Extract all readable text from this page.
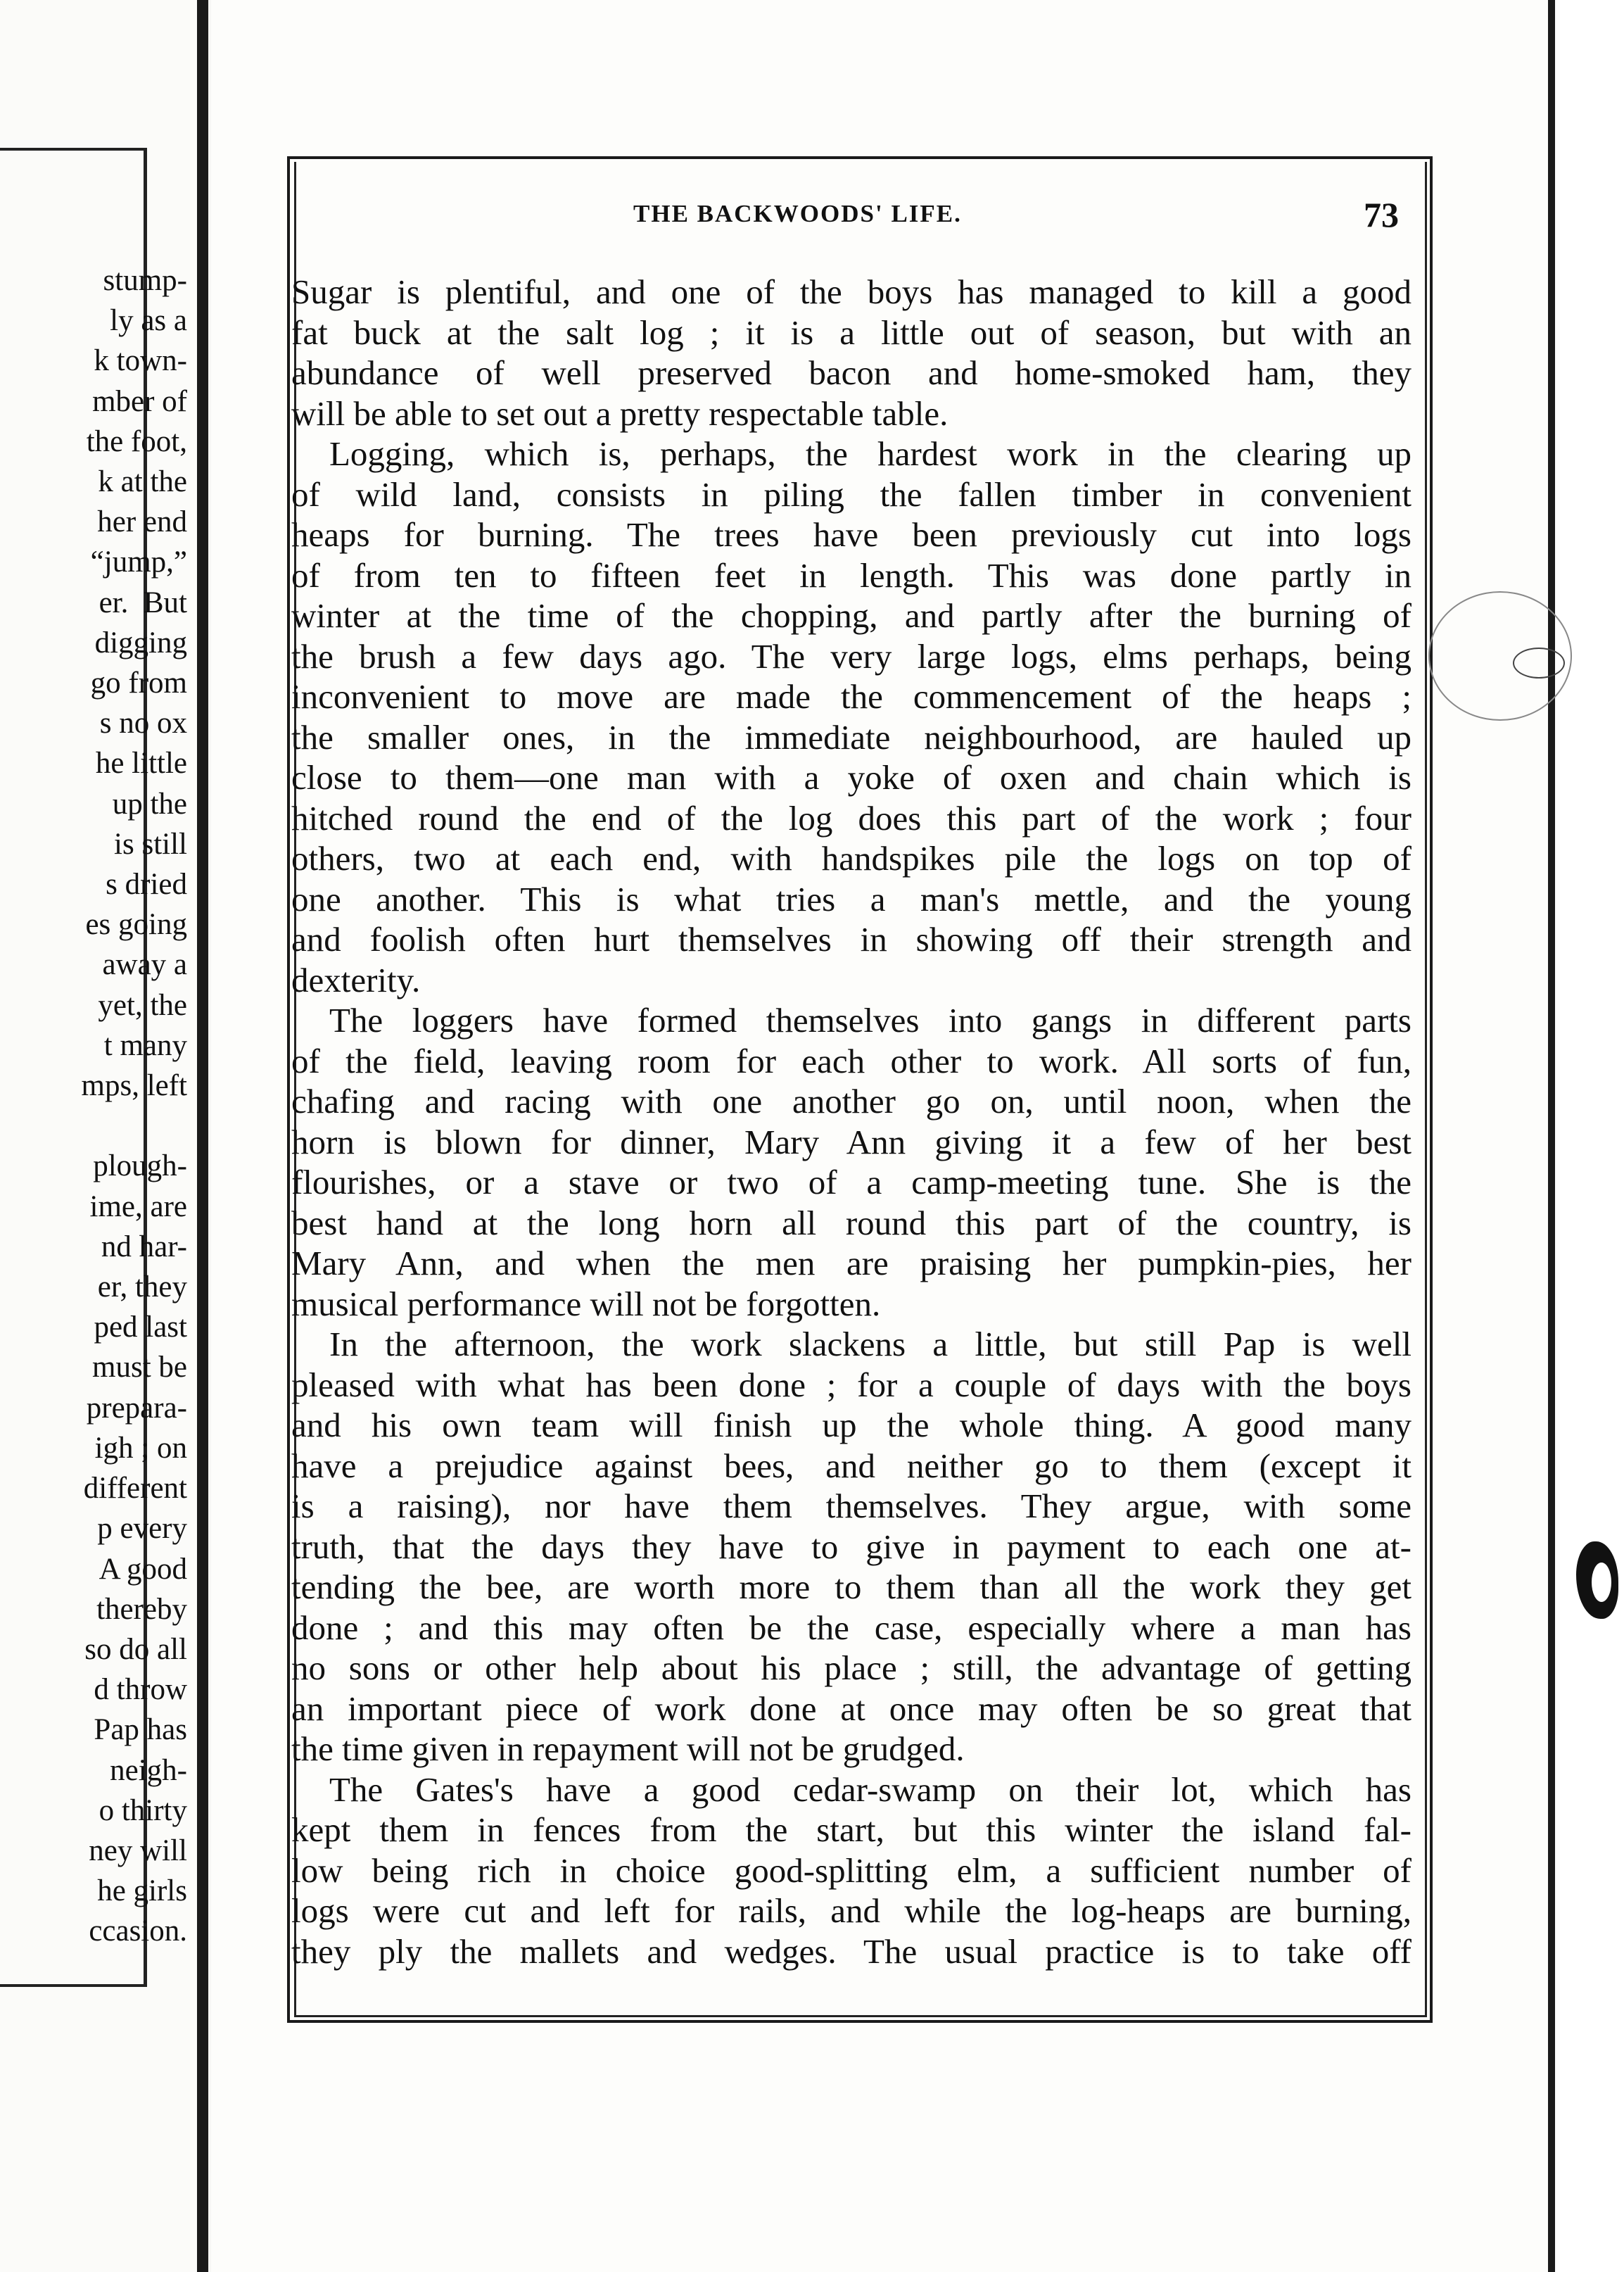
stump-
ly as a
k town-
mber of
the foot,
k at the
her end
“jump,”
er.  But
digging
go from
s no ox
he little
up the
is still
s dried
es going
away a
yet, the
t many
mps, left

plough-
ime, are
nd har-
er, they
ped last
must be
prepara-
igh ; on
different
p every
A good
thereby
so do all
d throw
Pap has
neigh-
o thirty
ney will
he girls
ccasion.
THE BACKWOODS' LIFE.	73
Sugar is plentiful, and one of the boys has managed to kill a good
fat buck at the salt log ; it is a little out of season, but with an
abundance of well preserved bacon and home-smoked ham, they
will be able to set out a pretty respectable table.
Logging, which is, perhaps, the hardest work in the clearing up
of wild land, consists in piling the fallen timber in convenient
heaps for burning. The trees have been previously cut into logs
of from ten to fifteen feet in length. This was done partly in
winter at the time of the chopping, and partly after the burning of
the brush a few days ago. The very large logs, elms perhaps, being
inconvenient to move are made the commencement of the heaps ;
the smaller ones, in the immediate neighbourhood, are hauled up
close to them—one man with a yoke of oxen and chain which is
hitched round the end of the log does this part of the work ; four
others, two at each end, with handspikes pile the logs on top of
one another. This is what tries a man's mettle, and the young
and foolish often hurt themselves in showing off their strength and
dexterity.
The loggers have formed themselves into gangs in different parts
of the field, leaving room for each other to work. All sorts of fun,
chafing and racing with one another go on, until noon, when the
horn is blown for dinner, Mary Ann giving it a few of her best
flourishes, or a stave or two of a camp-meeting tune. She is the
best hand at the long horn all round this part of the country, is
Mary Ann, and when the men are praising her pumpkin-pies, her
musical performance will not be forgotten.
In the afternoon, the work slackens a little, but still Pap is well
pleased with what has been done ; for a couple of days with the boys
and his own team will finish up the whole thing. A good many
have a prejudice against bees, and neither go to them (except it
is a raising), nor have them themselves. They argue, with some
truth, that the days they have to give in payment to each one at-
tending the bee, are worth more to them than all the work they get
done ; and this may often be the case, especially where a man has
no sons or other help about his place ; still, the advantage of getting
an important piece of work done at once may often be so great that
the time given in repayment will not be grudged.
The Gates's have a good cedar-swamp on their lot, which has
kept them in fences from the start, but this winter the island fal-
low being rich in choice good-splitting elm, a sufficient number of
logs were cut and left for rails, and while the log-heaps are burning,
they ply the mallets and wedges. The usual practice is to take off
